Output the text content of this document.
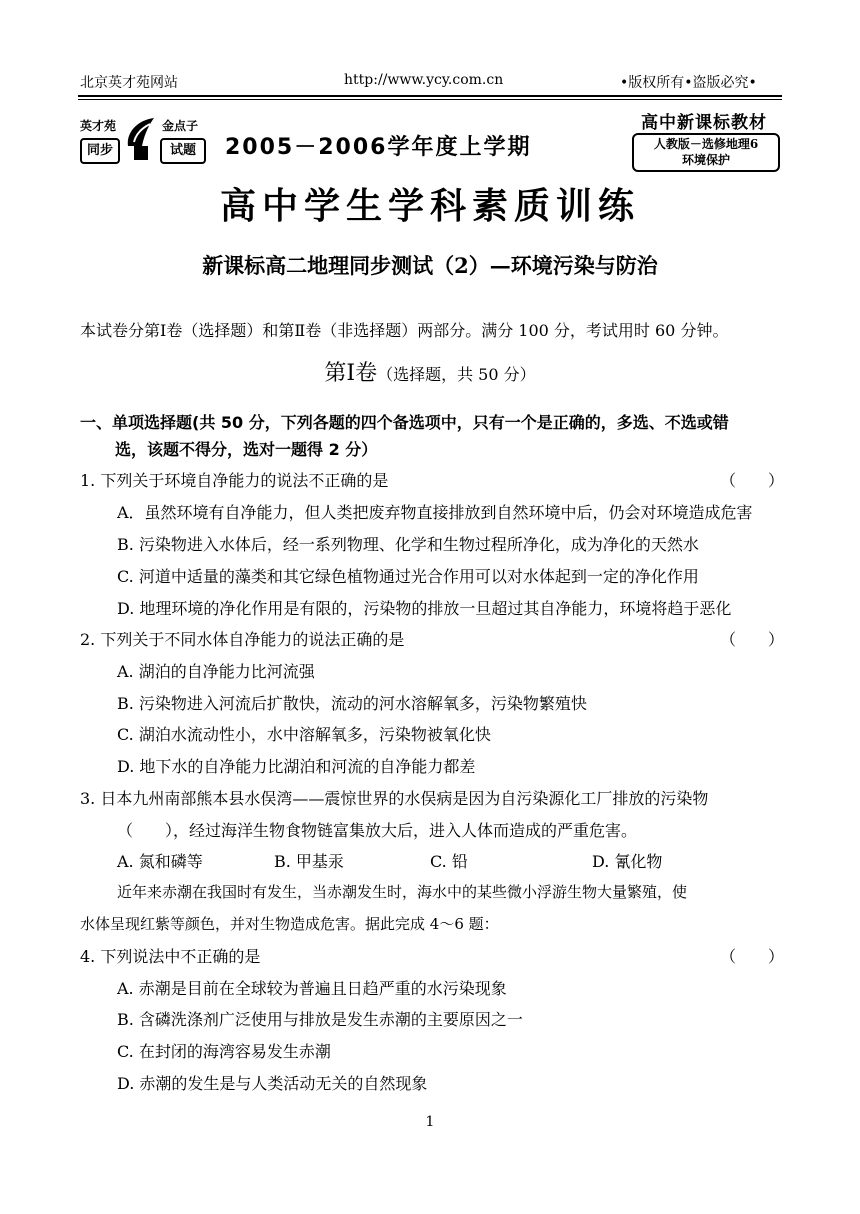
北京英才苑网站	http://www.ycy.com.cn	•版权所有•盗版必究•
英才苑	金点子
同步	试题	2005－2006学年度上学期
高中新课标教材
人教版－选修地理6
环境保护
高中学生学科素质训练
新课标高二地理同步测试（2）—环境污染与防治
本试卷分第Ⅰ卷（选择题）和第Ⅱ卷（非选择题）两部分。满分 100 分，考试用时 60 分钟。
第Ⅰ卷（选择题，共 50 分）
一、单项选择题(共 50 分，下列各题的四个备选项中，只有一个是正确的，多选、不选或错
选，该题不得分，选对一题得 2 分）
1. 下列关于环境自净能力的说法不正确的是	（　　）
A．虽然环境有自净能力，但人类把废弃物直接排放到自然环境中后，仍会对环境造成危害
B. 污染物进入水体后，经一系列物理、化学和生物过程所净化，成为净化的天然水
C. 河道中适量的藻类和其它绿色植物通过光合作用可以对水体起到一定的净化作用
D. 地理环境的净化作用是有限的，污染物的排放一旦超过其自净能力，环境将趋于恶化
2. 下列关于不同水体自净能力的说法正确的是	（　　）
A. 湖泊的自净能力比河流强
B. 污染物进入河流后扩散快，流动的河水溶解氧多，污染物繁殖快
C. 湖泊水流动性小，水中溶解氧多，污染物被氧化快
D. 地下水的自净能力比湖泊和河流的自净能力都差
3. 日本九州南部熊本县水俣湾——震惊世界的水俣病是因为自污染源化工厂排放的污染物
（　　），经过海洋生物食物链富集放大后，进入人体而造成的严重危害。
A. 氮和磷等	B. 甲基汞	C. 铅	D. 氰化物
近年来赤潮在我国时有发生，当赤潮发生时，海水中的某些微小浮游生物大量繁殖，使
水体呈现红紫等颜色，并对生物造成危害。据此完成 4～6 题：
4. 下列说法中不正确的是	（　　）
A. 赤潮是目前在全球较为普遍且日趋严重的水污染现象
B. 含磷洗涤剂广泛使用与排放是发生赤潮的主要原因之一
C. 在封闭的海湾容易发生赤潮
D. 赤潮的发生是与人类活动无关的自然现象
1
